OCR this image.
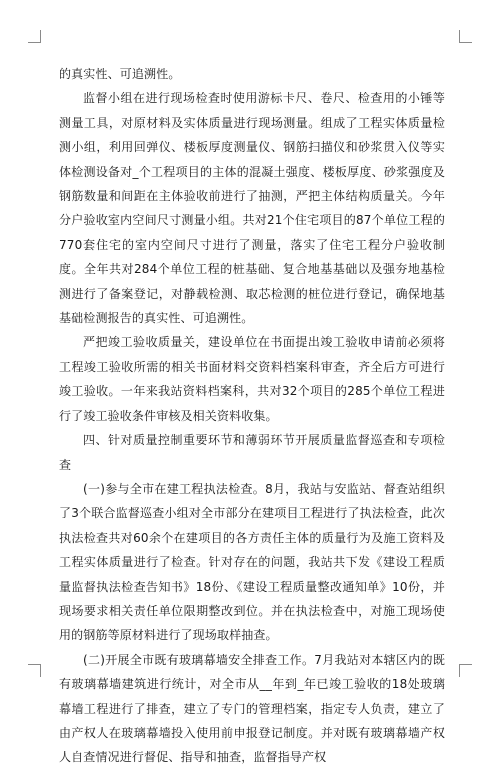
的真实性、可追溯性。

监督小组在进行现场检查时使用游标卡尺、卷尺、检查用的小锤等测量工具，对原材料及实体质量进行现场测量。组成了工程实体质量检测小组，利用回弹仪、楼板厚度测量仪、钢筋扫描仪和砂浆贯入仪等实体检测设备对_个工程项目的主体的混凝土强度、楼板厚度、砂浆强度及钢筋数量和间距在主体验收前进行了抽测，严把主体结构质量关。今年分户验收室内空间尺寸测量小组。共对21个住宅项目的87个单位工程的770套住宅的室内空间尺寸进行了测量，落实了住宅工程分户验收制度。全年共对284个单位工程的桩基础、复合地基基础以及强夯地基检测进行了备案登记，对静载检测、取芯检测的桩位进行登记，确保地基基础检测报告的真实性、可追溯性。

严把竣工验收质量关，建设单位在书面提出竣工验收申请前必须将工程竣工验收所需的相关书面材料交资料档案科审查，齐全后方可进行竣工验收。一年来我站资料档案科，共对32个项目的285个单位工程进行了竣工验收条件审核及相关资料收集。

四、针对质量控制重要环节和薄弱环节开展质量监督巡查和专项检查

(一)参与全市在建工程执法检查。8月，我站与安监站、督查站组织了3个联合监督巡查小组对全市部分在建项目工程进行了执法检查，此次执法检查共对60余个在建项目的各方责任主体的质量行为及施工资料及工程实体质量进行了检查。针对存在的问题，我站共下发《建设工程质量监督执法检查告知书》18份、《建设工程质量整改通知单》10份，并现场要求相关责任单位限期整改到位。并在执法检查中，对施工现场使用的钢筋等原材料进行了现场取样抽查。

(二)开展全市既有玻璃幕墙安全排查工作。7月我站对本辖区内的既有玻璃幕墙建筑进行统计，对全市从__年到_年已竣工验收的18处玻璃幕墙工程进行了排查，建立了专门的管理档案，指定专人负责，建立了由产权人在玻璃幕墙投入使用前申报登记制度。并对既有玻璃幕墙产权人自查情况进行督促、指导和抽查，监督指导产权
